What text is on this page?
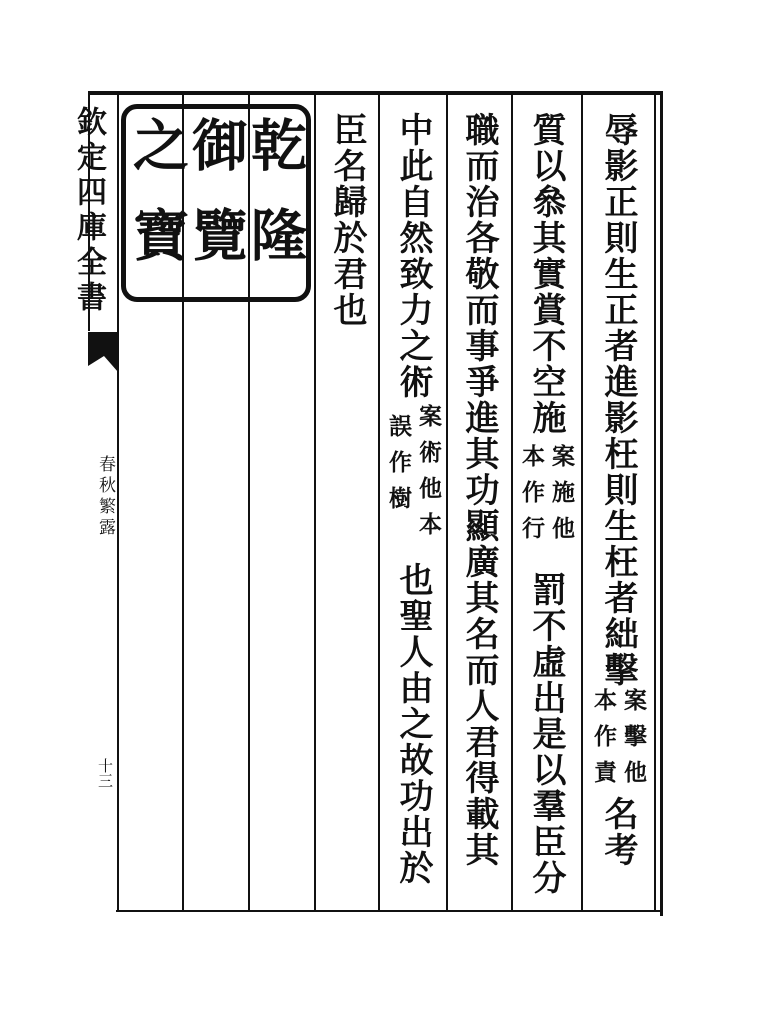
欽定四庫全書
春秋繁露
十三
乾隆
御覽
之寶	辱影正則生正者進影枉則生枉者絀擊
案擊他
本作責
名考
質以叅其實賞不空施
案施他
本作行
罰不虛出是以羣臣分
職而治各敬而事爭進其功顯廣其名而人君得載其
中此自然致力之術
案術他本
誤作樹
也聖人由之故功出於
臣名歸於君也
